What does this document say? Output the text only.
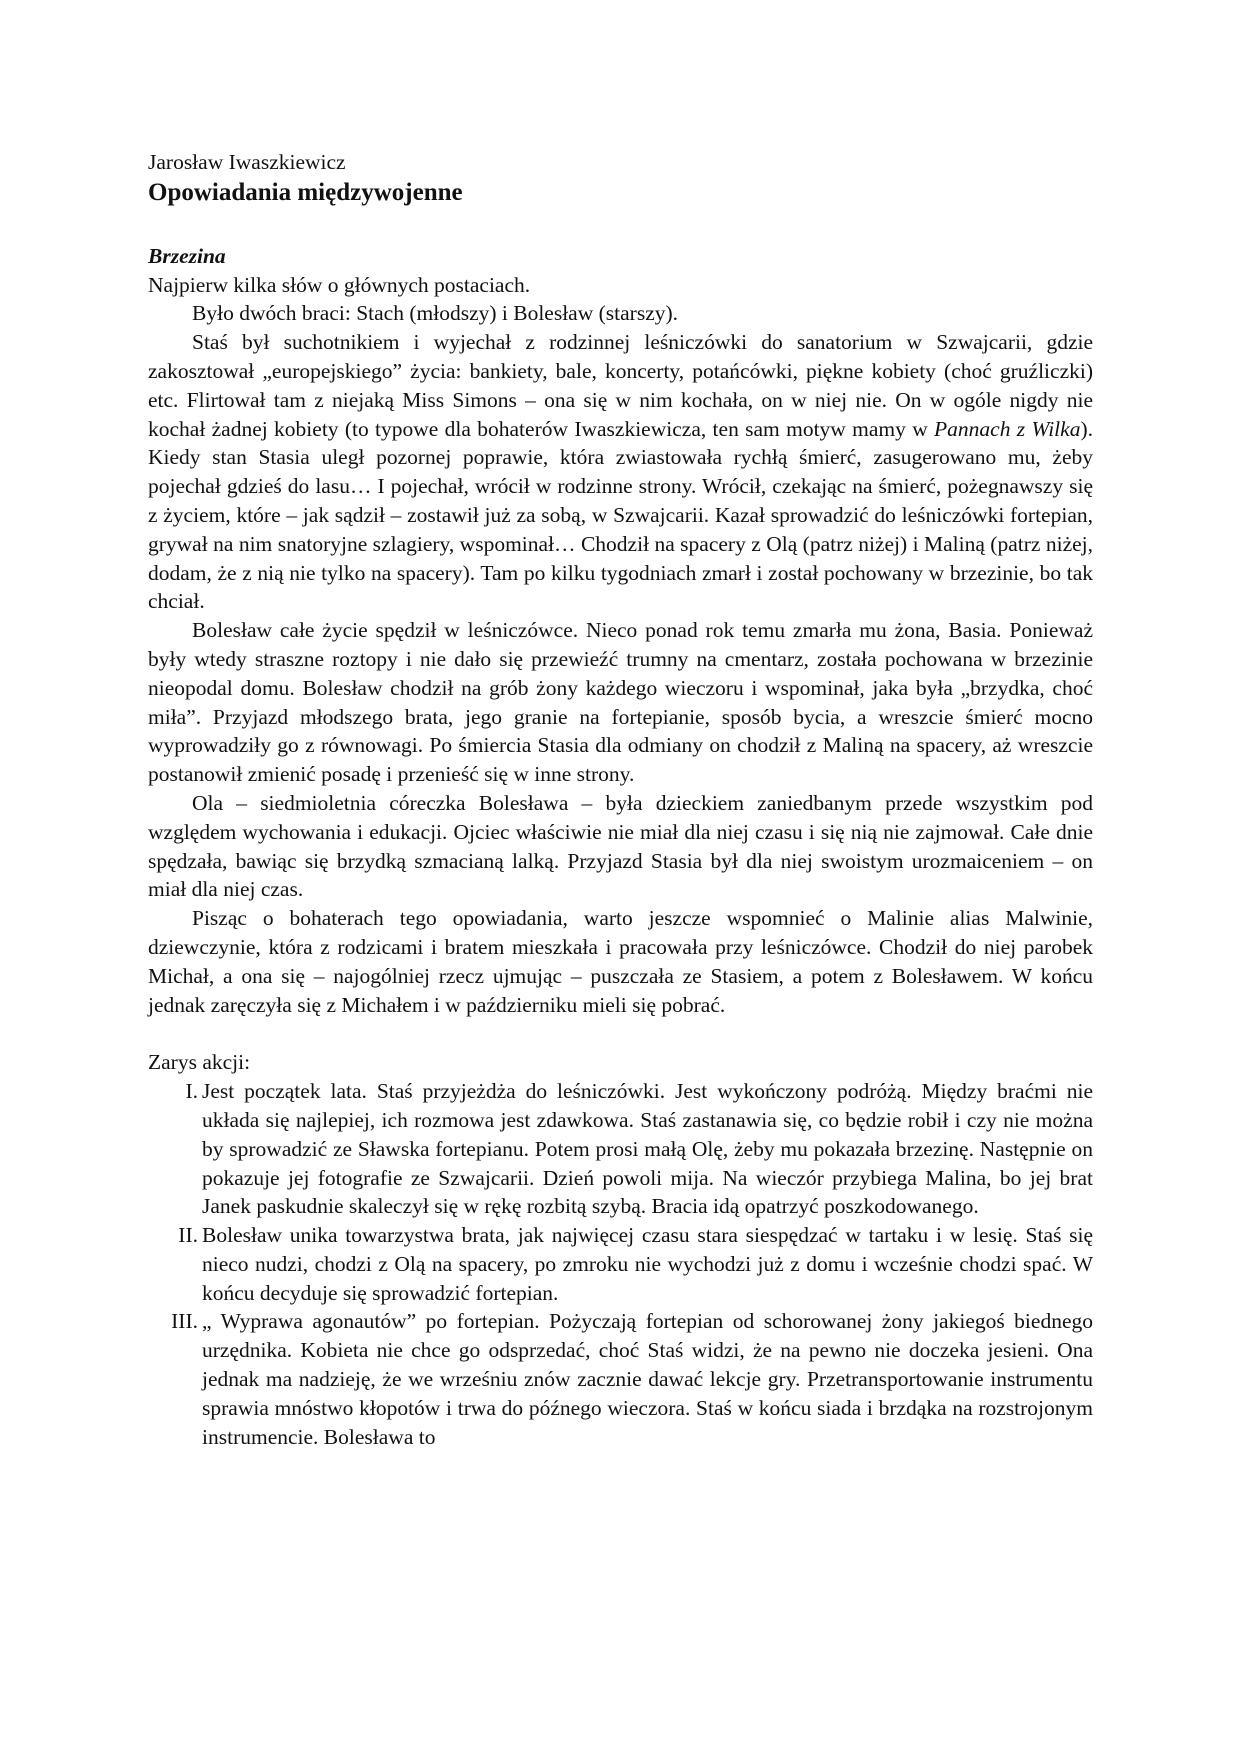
Jarosław Iwaszkiewicz
Opowiadania międzywojenne
Brzezina

Najpierw kilka słów o głównych postaciach.

Było dwóch braci: Stach (młodszy) i Bolesław (starszy).

Staś był suchotnikiem i wyjechał z rodzinnej leśniczówki do sanatorium w Szwajcarii, gdzie zakosztował „europejskiego” życia: bankiety, bale, koncerty, potańcówki, piękne kobiety (choć gruźliczki) etc. Flirtował tam z niejaką Miss Simons – ona się w nim kochała, on w niej nie. On w ogóle nigdy nie kochał żadnej kobiety (to typowe dla bohaterów Iwaszkiewicza, ten sam motyw mamy w Pannach z Wilka). Kiedy stan Stasia uległ pozornej poprawie, która zwiastowała rychłą śmierć, zasugerowano mu, żeby pojechał gdzieś do lasu… I pojechał, wrócił w rodzinne strony. Wrócił, czekając na śmierć, pożegnawszy się z życiem, które – jak sądził – zostawił już za sobą, w Szwajcarii. Kazał sprowadzić do leśniczówki fortepian, grywał na nim snatoryjne szlagiery, wspominał… Chodził na spacery z Olą (patrz niżej) i Maliną (patrz niżej, dodam, że z nią nie tylko na spacery). Tam po kilku tygodniach zmarł i został pochowany w brzezinie, bo tak chciał.

Bolesław całe życie spędził w leśniczówce. Nieco ponad rok temu zmarła mu żona, Basia. Ponieważ były wtedy straszne roztopy i nie dało się przewieźć trumny na cmentarz, została pochowana w brzezinie nieopodal domu. Bolesław chodził na grób żony każdego wieczoru i wspominał, jaka była „brzydka, choć miła”. Przyjazd młodszego brata, jego granie na fortepianie, sposób bycia, a wreszcie śmierć mocno wyprowadziły go z równowagi. Po śmiercia Stasia dla odmiany on chodził z Maliną na spacery, aż wreszcie postanowił zmienić posadę i przenieść się w inne strony.

Ola – siedmioletnia córeczka Bolesława – była dzieckiem zaniedbanym przede wszystkim pod względem wychowania i edukacji. Ojciec właściwie nie miał dla niej czasu i się nią nie zajmował. Całe dnie spędzała, bawiąc się brzydką szmacianą lalką. Przyjazd Stasia był dla niej swoistym urozmaiceniem – on miał dla niej czas.

Pisząc o bohaterach tego opowiadania, warto jeszcze wspomnieć o Malinie alias Malwinie, dziewczynie, która z rodzicami i bratem mieszkała i pracowała przy leśniczówce. Chodził do niej parobek Michał, a ona się – najogólniej rzecz ujmując – puszczała ze Stasiem, a potem z Bolesławem. W końcu jednak zaręczyła się z Michałem i w październiku mieli się pobrać.

Zarys akcji:

I. Jest początek lata. Staś przyjeżdża do leśniczówki. Jest wykończony podróżą. Między braćmi nie układa się najlepiej, ich rozmowa jest zdawkowa. Staś zastanawia się, co będzie robił i czy nie można by sprowadzić ze Sławska fortepianu. Potem prosi małą Olę, żeby mu pokazała brzezinę. Następnie on pokazuje jej fotografie ze Szwajcarii. Dzień powoli mija. Na wieczór przybiega Malina, bo jej brat Janek paskudnie skaleczył się w rękę rozbitą szybą. Bracia idą opatrzyć poszkodowanego.
II. Bolesław unika towarzystwa brata, jak najwięcej czasu stara siespędzać w tartaku i w lesię. Staś się nieco nudzi, chodzi z Olą na spacery, po zmroku nie wychodzi już z domu i wcześnie chodzi spać. W końcu decyduje się sprowadzić fortepian.
III. „ Wyprawa agonautów” po fortepian. Pożyczają fortepian od schorowanej żony jakiegoś biednego urzędnika. Kobieta nie chce go odsprzedać, choć Staś widzi, że na pewno nie doczeka jesieni. Ona jednak ma nadzieję, że we wrześniu znów zacznie dawać lekcje gry. Przetransportowanie instrumentu sprawia mnóstwo kłopotów i trwa do późnego wieczora. Staś w końcu siada i brzdąka na rozstrojonym instrumencie. Bolesława to
